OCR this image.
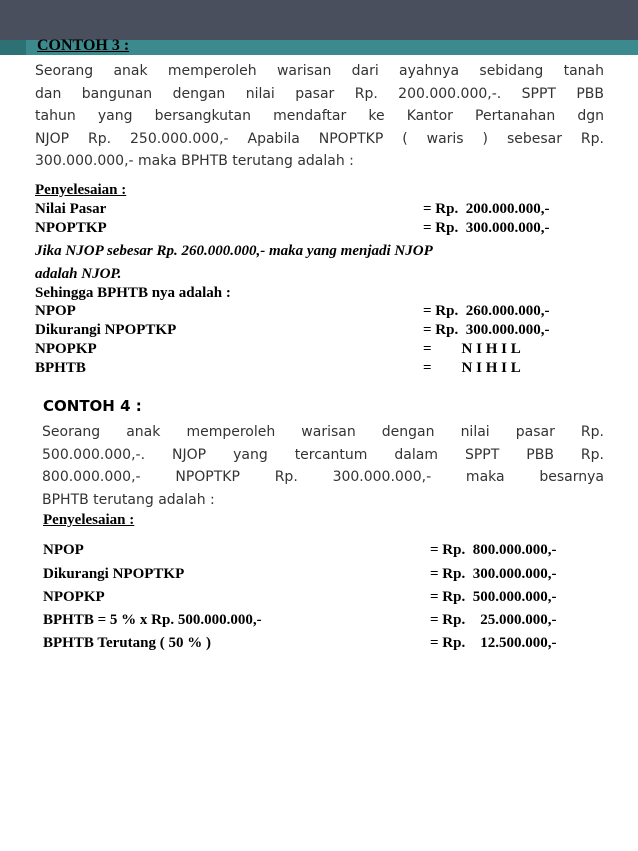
CONTOH 3 :
Seorang anak memperoleh warisan dari ayahnya sebidang tanah
dan bangunan dengan nilai pasar Rp. 200.000.000,-. SPPT PBB
tahun yang bersangkutan mendaftar ke Kantor Pertanahan dgn
NJOP Rp. 250.000.000,- Apabila NPOPTKP ( waris ) sebesar Rp.
300.000.000,- maka BPHTB terutang adalah :
Penyelesaian :
Nilai Pasar	= Rp.  200.000.000,-
NPOPTKP	= Rp.  300.000.000,-
Jika NJOP sebesar Rp. 260.000.000,- maka yang menjadi NJOP
adalah NJOP.
Sehingga BPHTB nya adalah :
NPOP	= Rp.  260.000.000,-
Dikurangi NPOPTKP	= Rp.  300.000.000,-
NPOPKP	=        N I H I L
BPHTB	=        N I H I L
CONTOH 4 :
Seorang anak memperoleh warisan dengan nilai pasar Rp.
500.000.000,-. NJOP yang tercantum dalam SPPT PBB Rp.
800.000.000,- NPOPTKP Rp. 300.000.000,- maka besarnya
BPHTB terutang adalah :
Penyelesaian :
NPOP	= Rp.  800.000.000,-
Dikurangi NPOPTKP	= Rp.  300.000.000,-
NPOPKP	= Rp.  500.000.000,-
BPHTB = 5 % x Rp. 500.000.000,-	= Rp.    25.000.000,-
BPHTB Terutang ( 50 % )	= Rp.    12.500.000,-
